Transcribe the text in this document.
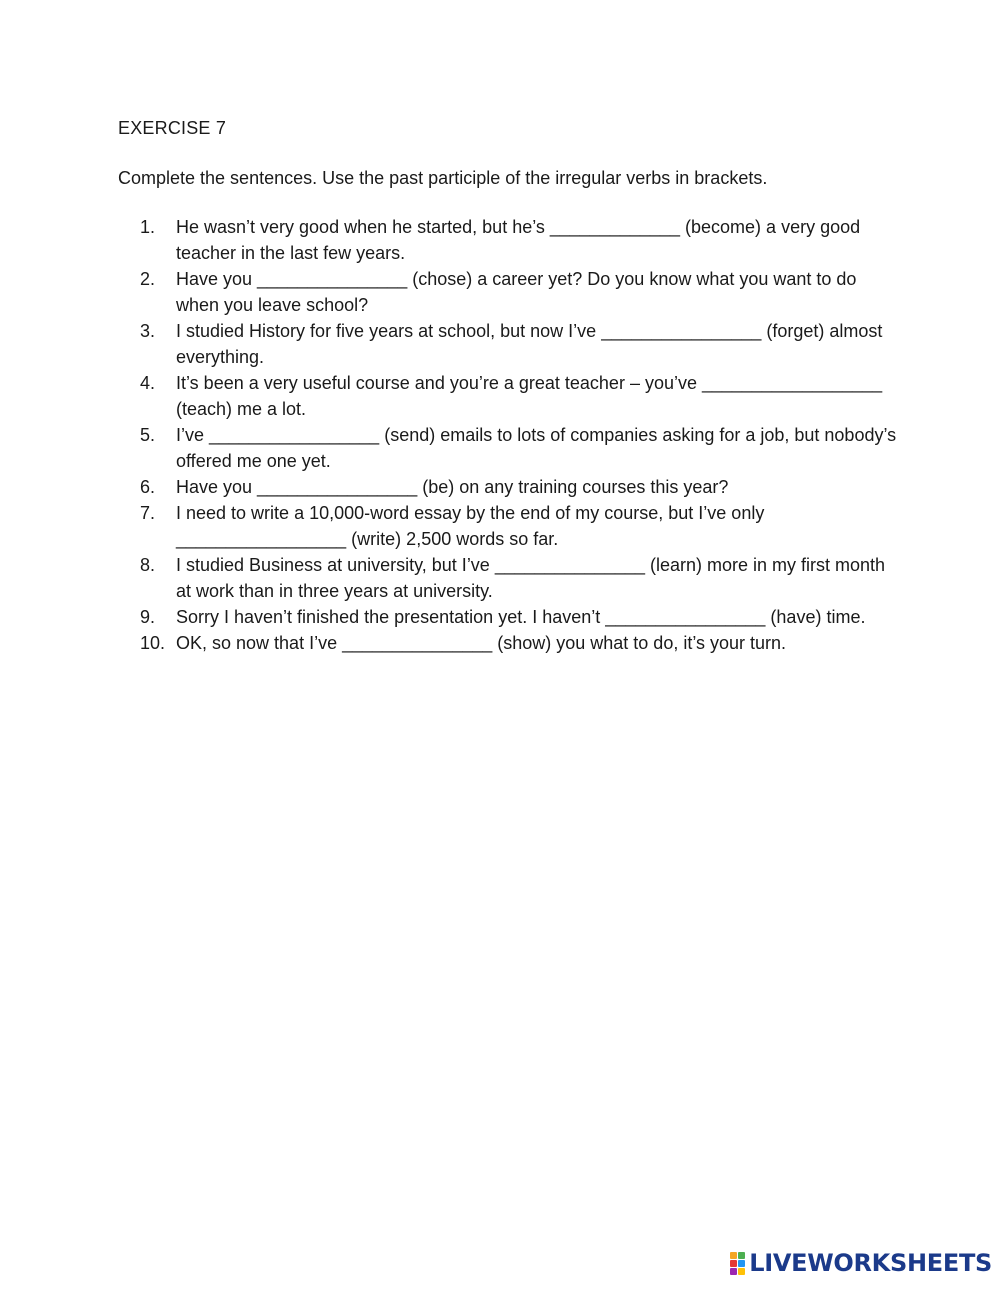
EXERCISE 7
Complete the sentences. Use the past participle of the irregular verbs in brackets.
1.	He wasn’t very good when he started, but he’s _____________ (become) a very good teacher in the last few years.
2.	Have you _______________ (chose) a career yet? Do you know what you want to do when you leave school?
3.	I studied History for five years at school, but now I’ve ________________ (forget) almost everything.
4.	It’s been a very useful course and you’re a great teacher – you’ve __________________ (teach) me a lot.
5.	I’ve _________________ (send) emails to lots of companies asking for a job, but nobody’s offered me one yet.
6.	Have you ________________ (be) on any training courses this year?
7.	I need to write a 10,000-word essay by the end of my course, but I’ve only _________________ (write) 2,500 words so far.
8.	I studied Business at university, but I’ve _______________ (learn) more in my first month at work than in three years at university.
9.	Sorry I haven’t finished the presentation yet. I haven’t ________________ (have) time.
10. OK, so now that I’ve _______________ (show) you what to do, it’s your turn.
LIVEWORKSHEETS
